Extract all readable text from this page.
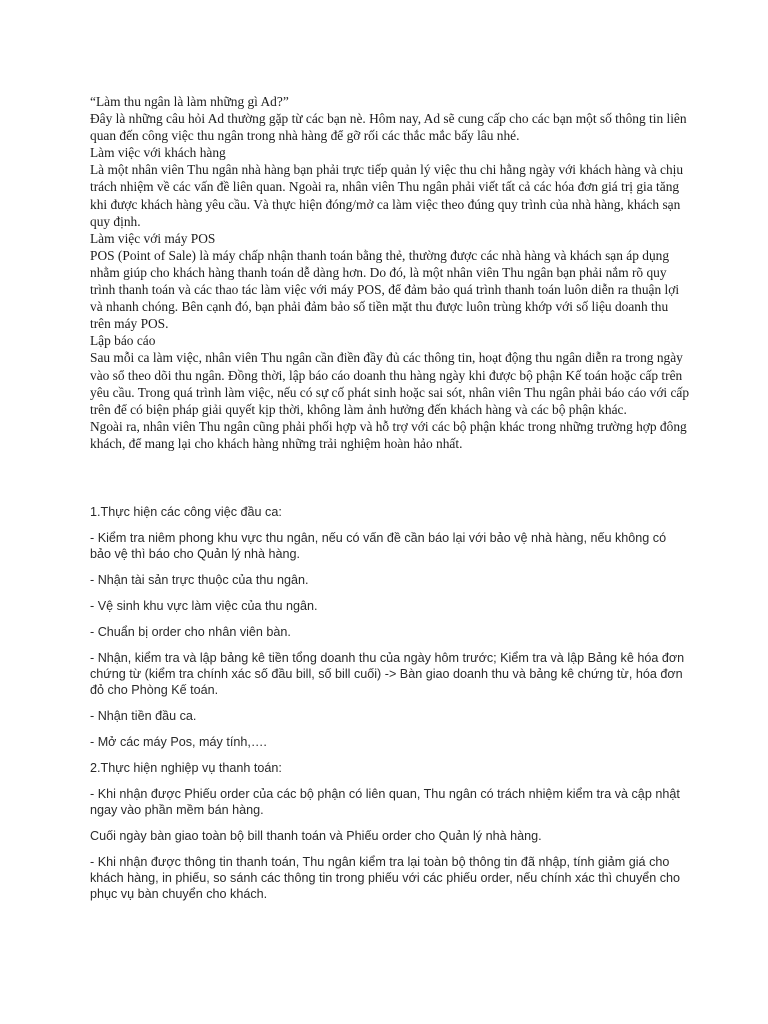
“Làm thu ngân là làm những gì Ad?”

Đây là những câu hỏi Ad thường gặp từ các bạn nè. Hôm nay, Ad sẽ cung cấp cho các bạn một số thông tin liên quan đến công việc thu ngân trong nhà hàng để gỡ rối các thắc mắc bấy lâu nhé.

Làm việc với khách hàng

Là một nhân viên Thu ngân nhà hàng bạn phải trực tiếp quản lý việc thu chi hằng ngày với khách hàng và chịu trách nhiệm về các vấn đề liên quan. Ngoài ra, nhân viên Thu ngân phải viết tất cả các hóa đơn giá trị gia tăng khi được khách hàng yêu cầu. Và thực hiện đóng/mở ca làm việc theo đúng quy trình của nhà hàng, khách sạn quy định.

Làm việc với máy POS

POS (Point of Sale) là máy chấp nhận thanh toán bằng thẻ, thường được các nhà hàng và khách sạn áp dụng nhằm giúp cho khách hàng thanh toán dễ dàng hơn. Do đó, là một nhân viên Thu ngân bạn phải nắm rõ quy trình thanh toán và các thao tác làm việc với máy POS, để đảm bảo quá trình thanh toán luôn diễn ra thuận lợi và nhanh chóng. Bên cạnh đó, bạn phải đảm bảo số tiền mặt thu được luôn trùng khớp với số liệu doanh thu trên máy POS.

Lập báo cáo

Sau mỗi ca làm việc, nhân viên Thu ngân cần điền đầy đủ các thông tin, hoạt động thu ngân diễn ra trong ngày vào sổ theo dõi thu ngân. Đồng thời, lập báo cáo doanh thu hàng ngày khi được bộ phận Kế toán hoặc cấp trên yêu cầu. Trong quá trình làm việc, nếu có sự cố phát sinh hoặc sai sót, nhân viên Thu ngân phải báo cáo với cấp trên để có biện pháp giải quyết kịp thời, không làm ảnh hưởng đến khách hàng và các bộ phận khác.

Ngoài ra, nhân viên Thu ngân cũng phải phối hợp và hỗ trợ với các bộ phận khác trong những trường hợp đông khách, để mang lại cho khách hàng những trải nghiệm hoàn hảo nhất.

1.Thực hiện các công việc đầu ca:

- Kiểm tra niêm phong khu vực thu ngân, nếu có vấn đề cần báo lại với bảo vệ nhà hàng, nếu không có bảo vệ thì báo cho Quản lý nhà hàng.

- Nhận tài sản trực thuộc của thu ngân.

- Vệ sinh khu vực làm việc của thu ngân.

- Chuẩn bị order cho nhân viên bàn.

- Nhận, kiểm tra và lập bảng kê tiền tổng doanh thu của ngày hôm trước; Kiểm tra và lập Bảng kê hóa đơn chứng từ (kiểm tra chính xác số đầu bill, số bill cuối) -> Bàn giao doanh thu và bảng kê chứng từ, hóa đơn đỏ cho Phòng Kế toán.

- Nhận tiền đầu ca.

- Mở các máy Pos, máy tính,….

2.Thực hiện nghiệp vụ thanh toán:

- Khi nhận được Phiếu order của các bộ phận có liên quan, Thu ngân có trách nhiệm kiểm tra và cập nhật ngay vào phần mềm bán hàng.

Cuối ngày bàn giao toàn bộ bill thanh toán và Phiếu order cho Quản lý nhà hàng.

- Khi nhận được thông tin thanh toán, Thu ngân kiểm tra lại toàn bộ thông tin đã nhập, tính giảm giá cho khách hàng, in phiếu, so sánh các thông tin trong phiếu với các phiếu order, nếu chính xác thì chuyển cho phục vụ bàn chuyển cho khách.
